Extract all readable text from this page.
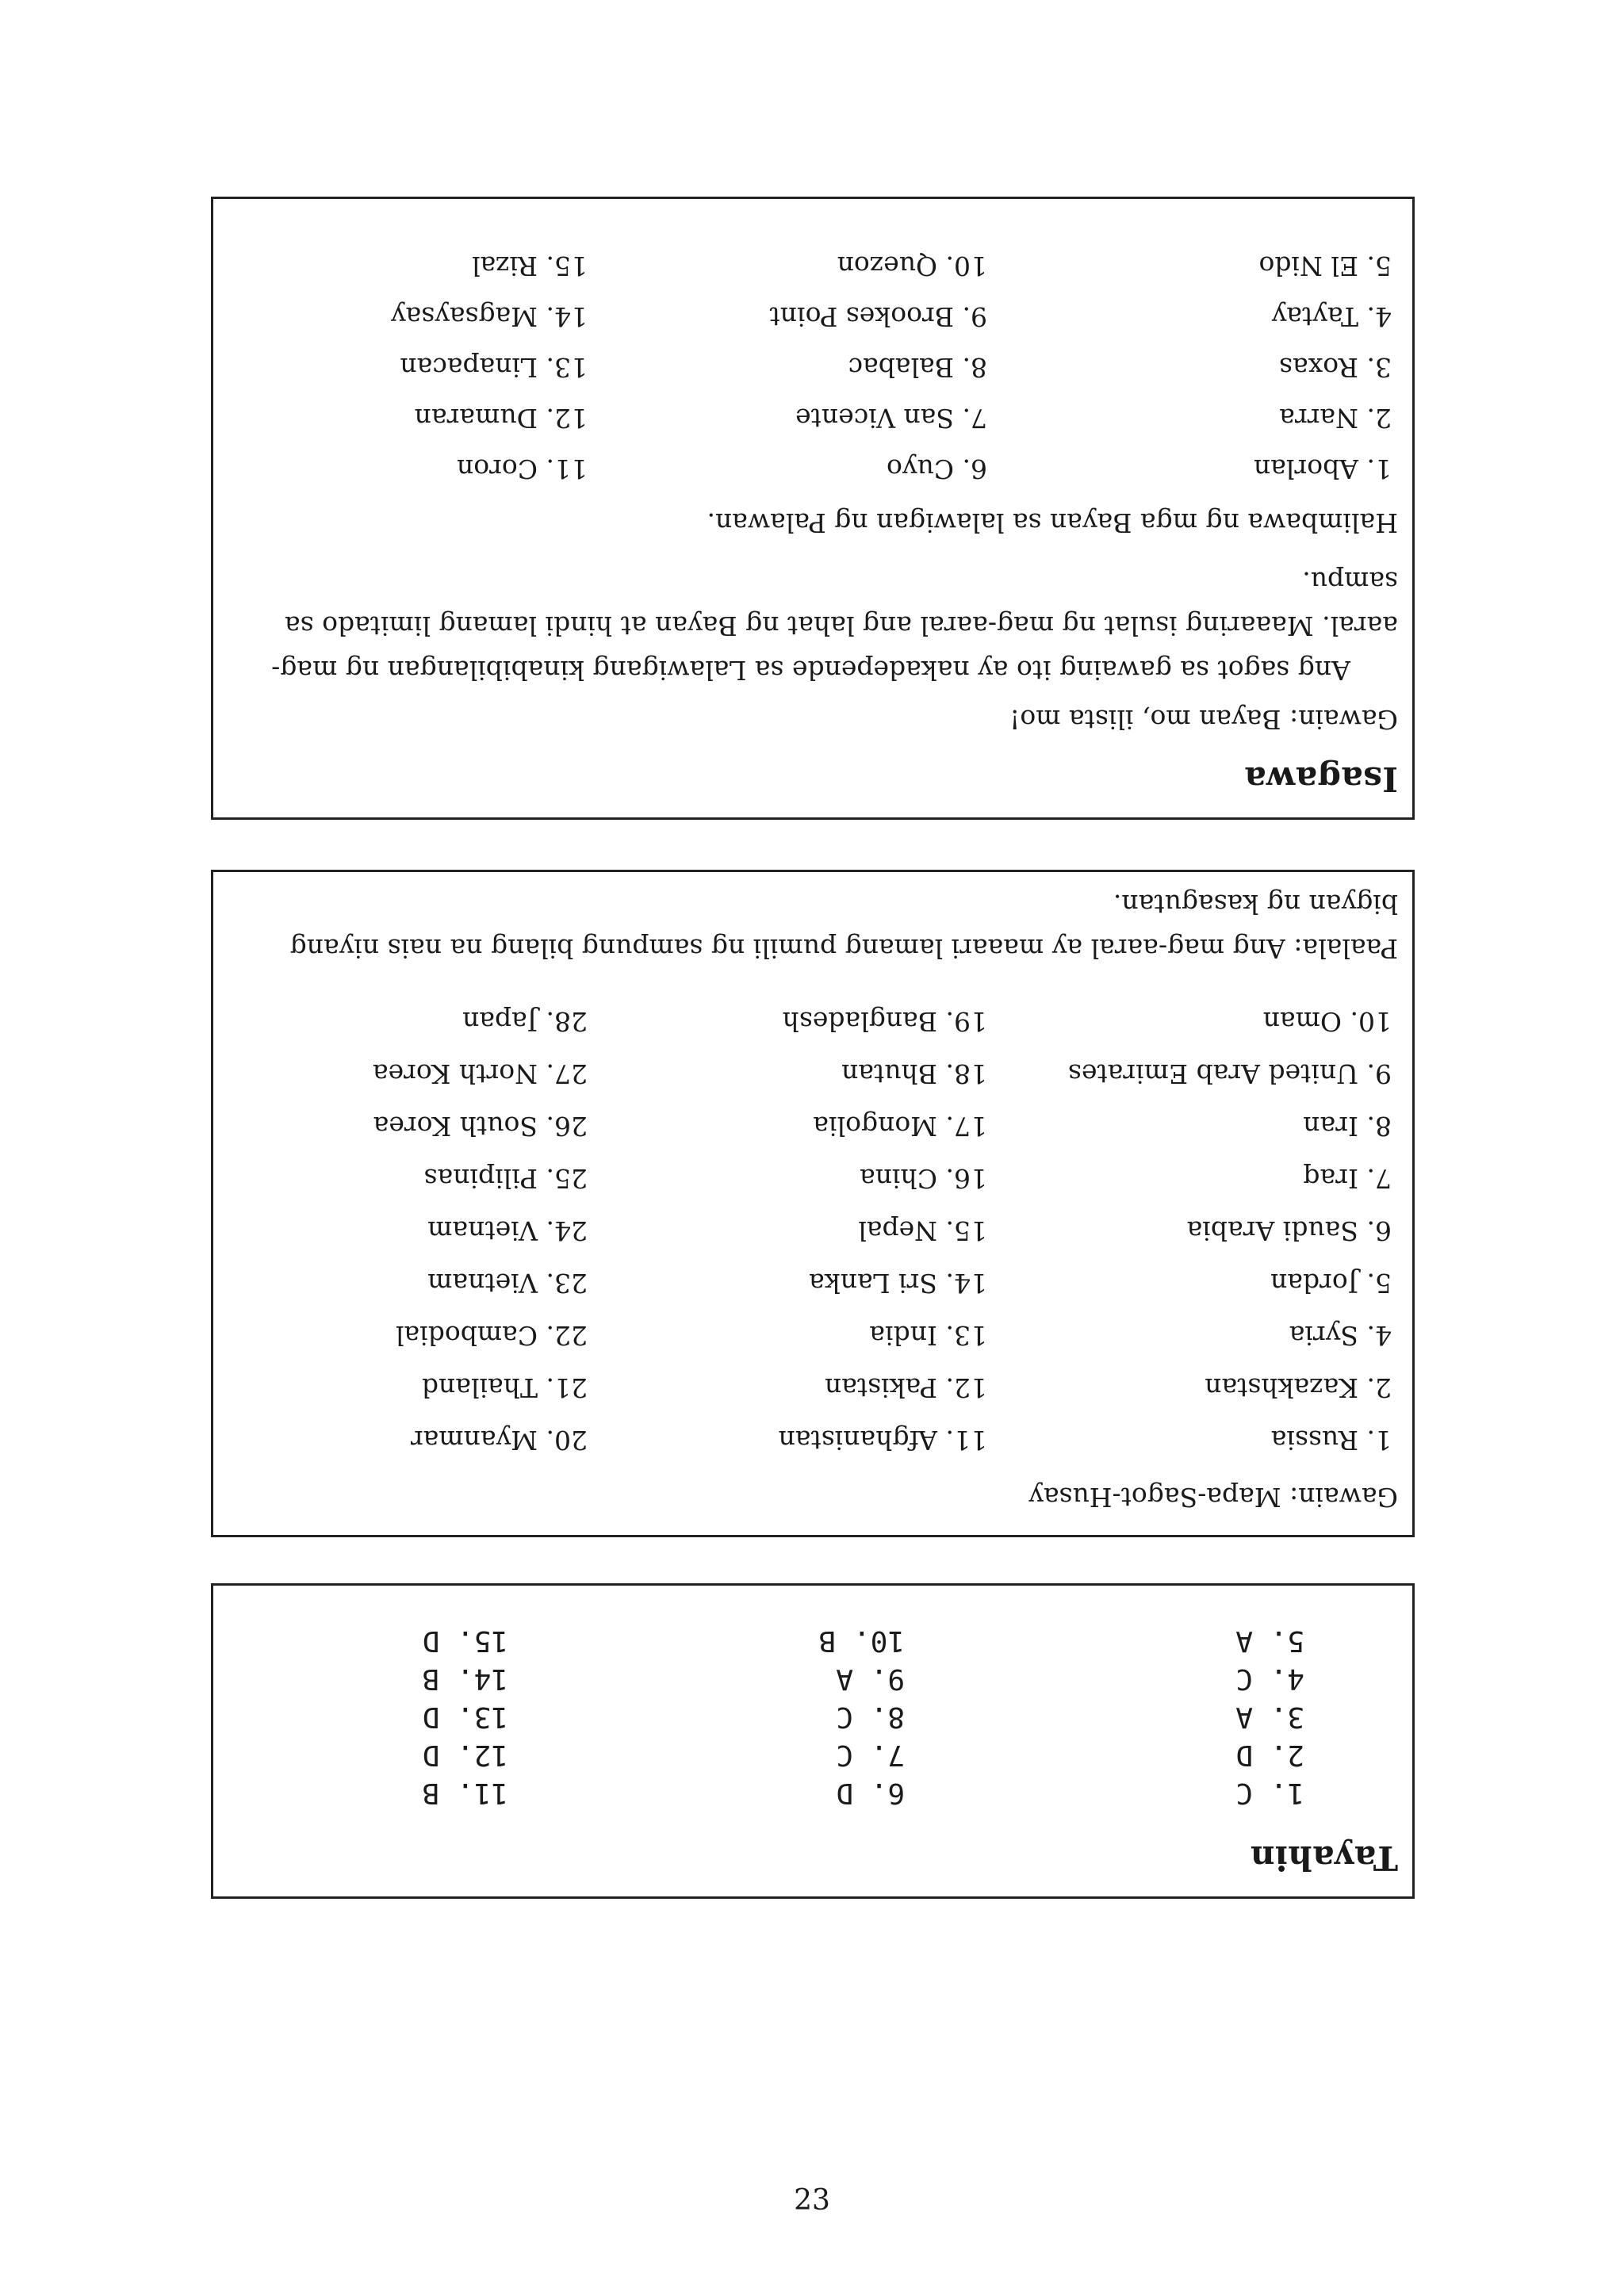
23
Isagawa
Gawain: Bayan mo, ilista mo!
Ang sagot sa gawaing ito ay nakadepende sa Lalawigang kinabibilangan ng mag-aaral. Maaaring isulat ng mag-aaral ang lahat ng Bayan at hindi lamang limitado sa sampu.
Halimbawa ng mga Bayan sa lalawigan ng Palawan.
1. Aborlan
2. Narra
3. Roxas
4. Taytay
5. El Nido
6. Cuyo
7. San Vicente
8. Balabac
9. Brookes Point
10. Quezon
11. Coron
12. Dumaran
13. Linapacan
14. Magsaysay
15. Rizal
Gawain: Mapa-Sagot-Husay
1. Russia
2. Kazakhstan
4. Syria
5. Jordan
6. Saudi Arabia
7. Iraq
8. Iran
9. United Arab Emirates
10. Oman
11. Afghanistan
12. Pakistan
13. India
14. Sri Lanka
15. Nepal
16. China
17. Mongolia
18. Bhutan
19. Bangladesh
20. Myanmar
21. Thailand
22. Cambodial
23. Vietnam
24. Vietnam
25. Pilipinas
26. South Korea
27. North Korea
28. Japan
Paalala: Ang mag-aaral ay maaari lamang pumili ng sampung bilang na nais niyang bigyan ng kasagutan.
Tayahin
1. C
2. D
3. A
4. C
5. A
6. D
7. C
8. C
9. A
10. B
11. B
12. D
13. D
14. B
15. D
